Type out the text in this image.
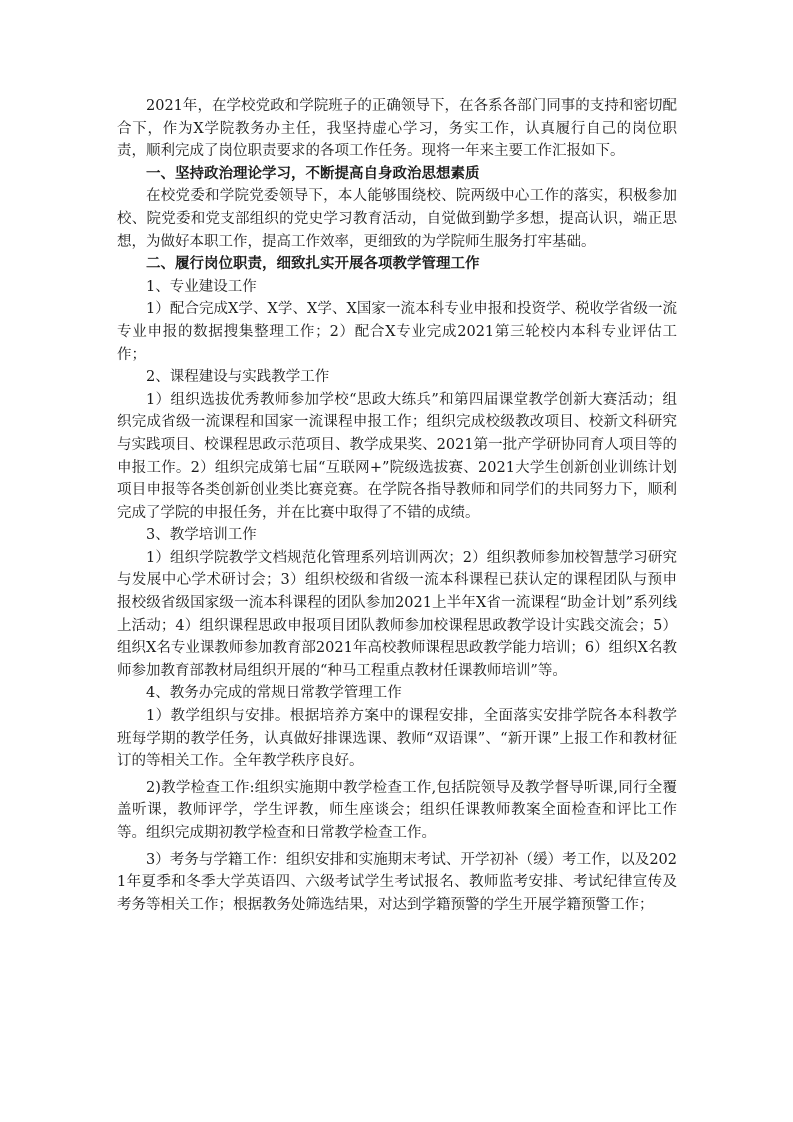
2021年，在学校党政和学院班子的正确领导下，在各系各部门同事的支持和密切配合下，作为X学院教务办主任，我坚持虚心学习，务实工作，认真履行自己的岗位职责，顺利完成了岗位职责要求的各项工作任务。现将一年来主要工作汇报如下。

一、坚持政治理论学习，不断提高自身政治思想素质

在校党委和学院党委领导下，本人能够围绕校、院两级中心工作的落实，积极参加校、院党委和党支部组织的党史学习教育活动，自觉做到勤学多想，提高认识，端正思想，为做好本职工作，提高工作效率，更细致的为学院师生服务打牢基础。

二、履行岗位职责，细致扎实开展各项教学管理工作

1、专业建设工作

1）配合完成X学、X学、X学、X国家一流本科专业申报和投资学、税收学省级一流专业申报的数据搜集整理工作；2）配合X专业完成2021第三轮校内本科专业评估工作；

2、课程建设与实践教学工作

1）组织选拔优秀教师参加学校“思政大练兵”和第四届课堂教学创新大赛活动；组织完成省级一流课程和国家一流课程申报工作；组织完成校级教改项目、校新文科研究与实践项目、校课程思政示范项目、教学成果奖、2021第一批产学研协同育人项目等的申报工作。2）组织完成第七届“互联网+”院级选拔赛、2021大学生创新创业训练计划项目申报等各类创新创业类比赛竞赛。在学院各指导教师和同学们的共同努力下，顺利完成了学院的申报任务，并在比赛中取得了不错的成绩。

3、教学培训工作

1）组织学院教学文档规范化管理系列培训两次；2）组织教师参加校智慧学习研究与发展中心学术研讨会；3）组织校级和省级一流本科课程已获认定的课程团队与预申报校级省级国家级一流本科课程的团队参加2021上半年X省一流课程“助金计划”系列线上活动；4）组织课程思政申报项目团队教师参加校课程思政教学设计实践交流会；5）组织X名专业课教师参加教育部2021年高校教师课程思政教学能力培训；6）组织X名教师参加教育部教材局组织开展的“种马工程重点教材任课教师培训”等。

4、教务办完成的常规日常教学管理工作

1）教学组织与安排。根据培养方案中的课程安排，全面落实安排学院各本科教学班每学期的教学任务，认真做好排课选课、教师“双语课”、“新开课”上报工作和教材征订的等相关工作。全年教学秩序良好。

2)教学检查工作:组织实施期中教学检查工作,包括院领导及教学督导听课,同行全覆盖听课，教师评学，学生评教，师生座谈会；组织任课教师教案全面检查和评比工作等。组织完成期初教学检查和日常教学检查工作。

3）考务与学籍工作：组织安排和实施期末考试、开学初补（缓）考工作，以及2021年夏季和冬季大学英语四、六级考试学生考试报名、教师监考安排、考试纪律宣传及考务等相关工作；根据教务处筛选结果，对达到学籍预警的学生开展学籍预警工作；
